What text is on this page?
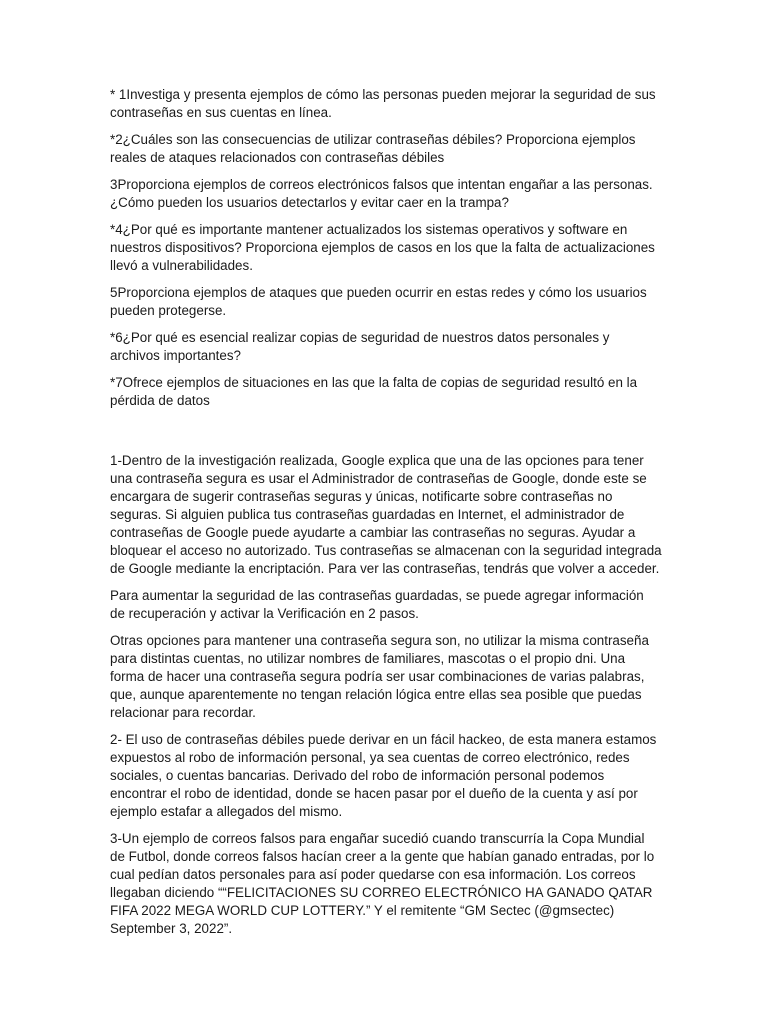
* 1Investiga y presenta ejemplos de cómo las personas pueden mejorar la seguridad de sus contraseñas en sus cuentas en línea.

*2¿Cuáles son las consecuencias de utilizar contraseñas débiles? Proporciona ejemplos reales de ataques relacionados con contraseñas débiles

3Proporciona ejemplos de correos electrónicos falsos que intentan engañar a las personas. ¿Cómo pueden los usuarios detectarlos y evitar caer en la trampa?

*4¿Por qué es importante mantener actualizados los sistemas operativos y software en nuestros dispositivos? Proporciona ejemplos de casos en los que la falta de actualizaciones llevó a vulnerabilidades.

5Proporciona ejemplos de ataques que pueden ocurrir en estas redes y cómo los usuarios pueden protegerse.

*6¿Por qué es esencial realizar copias de seguridad de nuestros datos personales y archivos importantes?

*7Ofrece ejemplos de situaciones en las que la falta de copias de seguridad resultó en la pérdida de datos

1-Dentro de la investigación realizada, Google explica que una de las opciones para tener una contraseña segura es usar el Administrador de contraseñas de Google, donde este se encargara de sugerir contraseñas seguras y únicas, notificarte sobre contraseñas no seguras. Si alguien publica tus contraseñas guardadas en Internet, el administrador de contraseñas de Google puede ayudarte a cambiar las contraseñas no seguras. Ayudar a bloquear el acceso no autorizado. Tus contraseñas se almacenan con la seguridad integrada de Google mediante la encriptación. Para ver las contraseñas, tendrás que volver a acceder.

Para aumentar la seguridad de las contraseñas guardadas, se puede agregar información de recuperación y activar la Verificación en 2 pasos.

Otras opciones para mantener una contraseña segura son, no utilizar la misma contraseña para distintas cuentas, no utilizar nombres de familiares, mascotas o el propio dni. Una forma de hacer una contraseña segura podría ser usar combinaciones de varias palabras, que, aunque aparentemente no tengan relación lógica entre ellas sea posible que puedas relacionar para recordar.

2- El uso de contraseñas débiles puede derivar en un fácil hackeo, de esta manera estamos expuestos al robo de información personal, ya sea cuentas de correo electrónico, redes sociales, o cuentas bancarias. Derivado del robo de información personal podemos encontrar el robo de identidad, donde se hacen pasar por el dueño de la cuenta y así por ejemplo estafar a allegados del mismo.

3-Un ejemplo de correos falsos para engañar sucedió cuando transcurría la Copa Mundial de Futbol, donde correos falsos hacían creer a la gente que habían ganado entradas, por lo cual pedían datos personales para así poder quedarse con esa información. Los correos llegaban diciendo ““FELICITACIONES SU CORREO ELECTRÓNICO HA GANADO QATAR FIFA 2022 MEGA WORLD CUP LOTTERY.” Y el remitente “GM Sectec (@gmsectec) September 3, 2022”.
